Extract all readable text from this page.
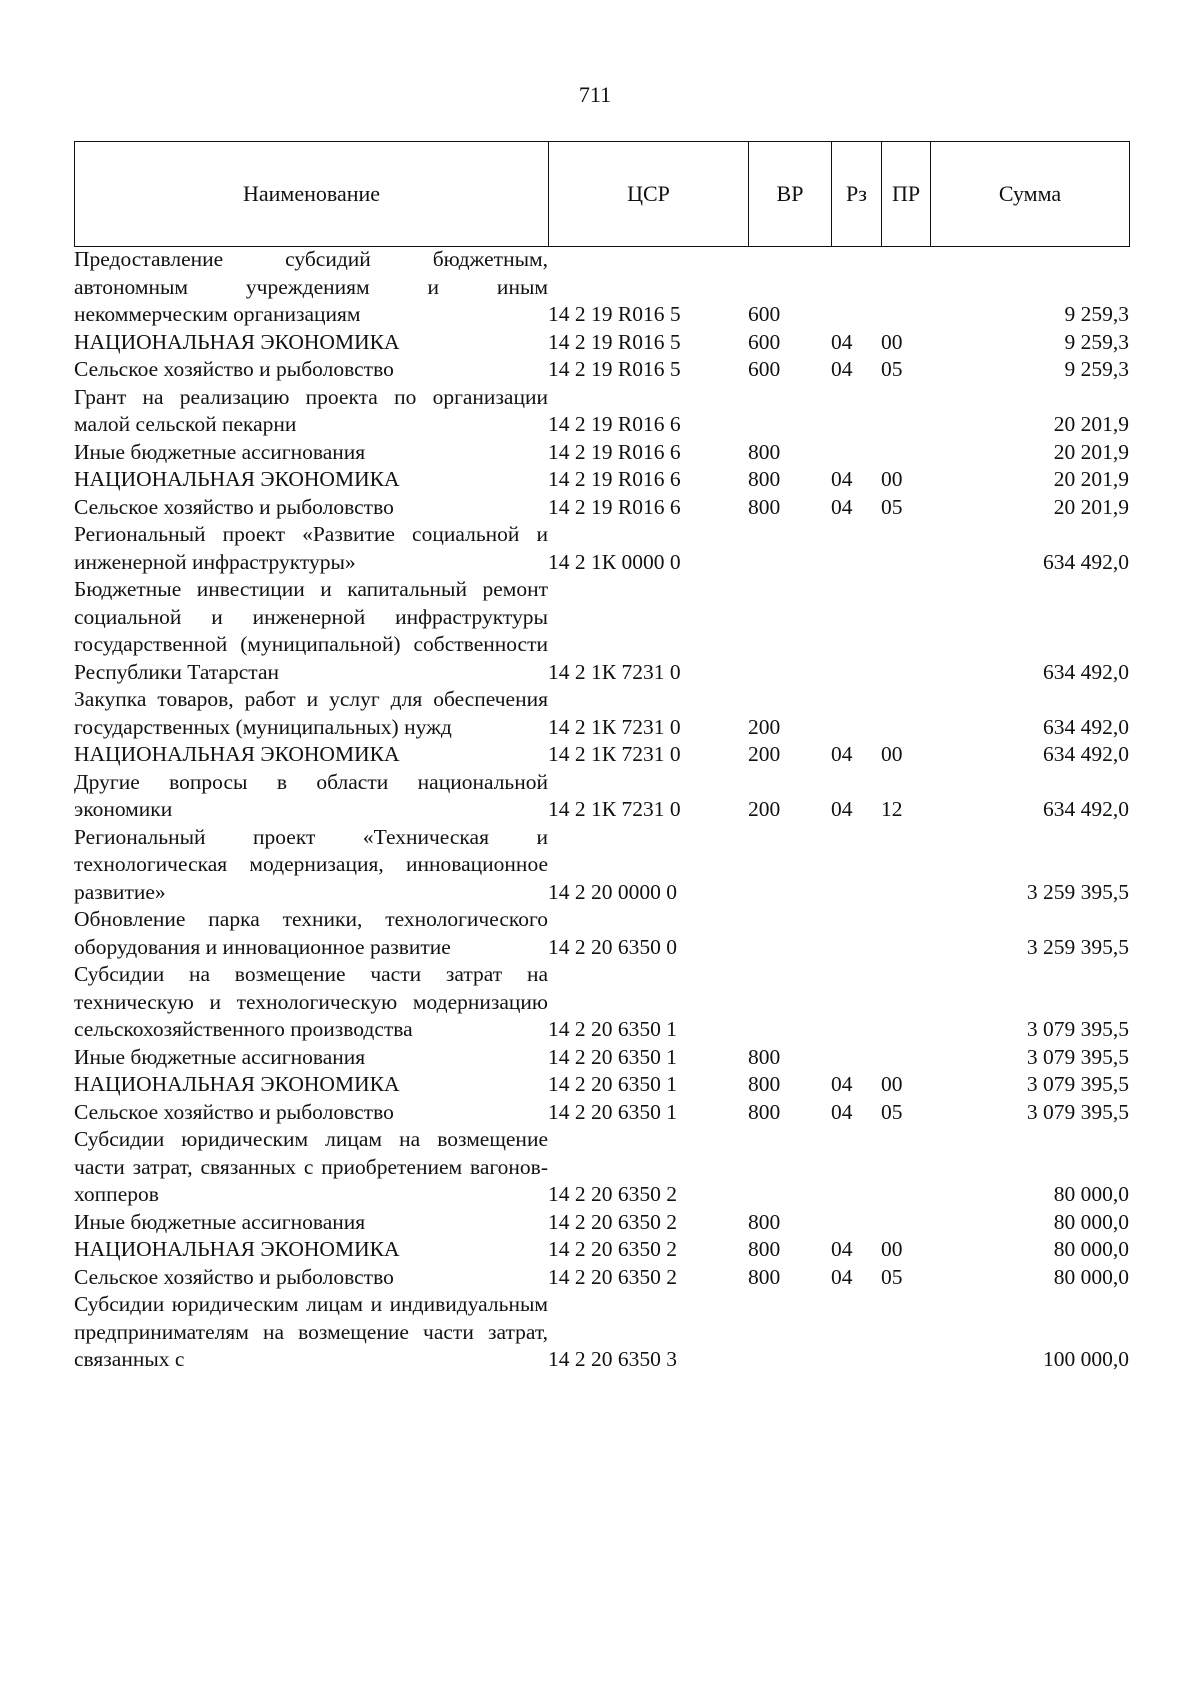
711
Наименование	ЦСР	ВР	Рз	ПР	Сумма
Предоставление субсидий бюджетным, автономным учреждениям и иным некоммерческим организациям	14 2 19 R016 5	600			9 259,3
НАЦИОНАЛЬНАЯ ЭКОНОМИКА	14 2 19 R016 5	600	04	00	9 259,3
Сельское хозяйство и рыболовство	14 2 19 R016 5	600	04	05	9 259,3
Грант на реализацию проекта по организации малой сельской пекарни	14 2 19 R016 6				20 201,9
Иные бюджетные ассигнования	14 2 19 R016 6	800			20 201,9
НАЦИОНАЛЬНАЯ ЭКОНОМИКА	14 2 19 R016 6	800	04	00	20 201,9
Сельское хозяйство и рыболовство	14 2 19 R016 6	800	04	05	20 201,9
Региональный проект «Развитие социальной и инженерной инфраструктуры»	14 2 1К 0000 0				634 492,0
Бюджетные инвестиции и капитальный ремонт социальной и инженерной инфраструктуры государственной (муниципальной) собственности Республики Татарстан	14 2 1К 7231 0				634 492,0
Закупка товаров, работ и услуг для обеспечения государственных (муниципальных) нужд	14 2 1К 7231 0	200			634 492,0
НАЦИОНАЛЬНАЯ ЭКОНОМИКА	14 2 1К 7231 0	200	04	00	634 492,0
Другие вопросы в области национальной экономики	14 2 1К 7231 0	200	04	12	634 492,0
Региональный проект «Техническая и технологическая модернизация, инновационное развитие»	14 2 20 0000 0				3 259 395,5
Обновление парка техники, технологического оборудования и инновационное развитие	14 2 20 6350 0				3 259 395,5
Субсидии на возмещение части затрат на техническую и технологическую модернизацию сельскохозяйственного производства	14 2 20 6350 1				3 079 395,5
Иные бюджетные ассигнования	14 2 20 6350 1	800			3 079 395,5
НАЦИОНАЛЬНАЯ ЭКОНОМИКА	14 2 20 6350 1	800	04	00	3 079 395,5
Сельское хозяйство и рыболовство	14 2 20 6350 1	800	04	05	3 079 395,5
Субсидии юридическим лицам на возмещение части затрат, связанных с приобретением вагонов-хопперов	14 2 20 6350 2				80 000,0
Иные бюджетные ассигнования	14 2 20 6350 2	800			80 000,0
НАЦИОНАЛЬНАЯ ЭКОНОМИКА	14 2 20 6350 2	800	04	00	80 000,0
Сельское хозяйство и рыболовство	14 2 20 6350 2	800	04	05	80 000,0
Субсидии юридическим лицам и индивидуальным предпринимателям на возмещение части затрат, связанных с	14 2 20 6350 3				100 000,0
